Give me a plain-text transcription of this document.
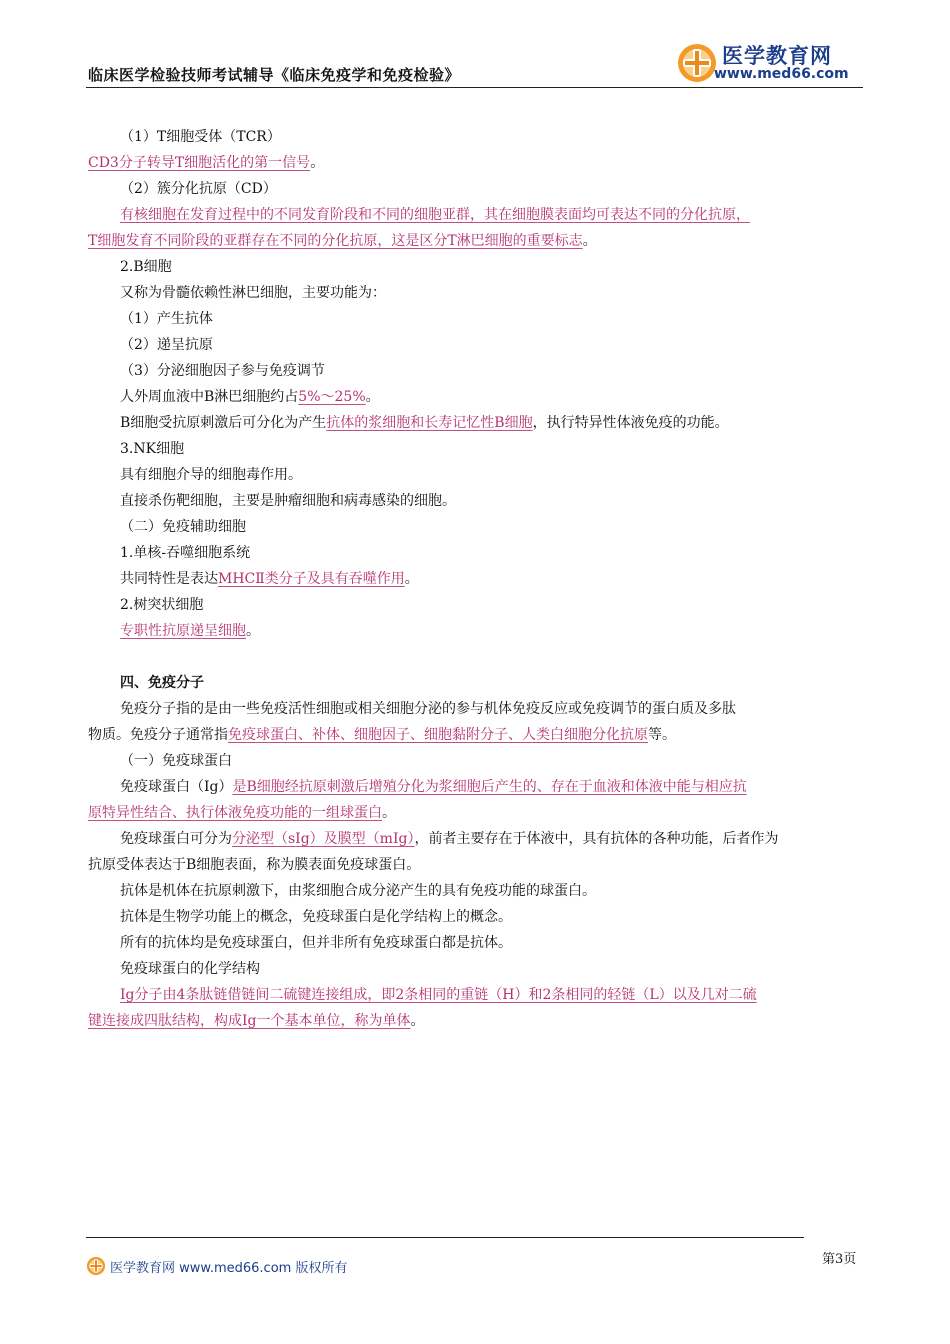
临床医学检验技师考试辅导《临床免疫学和免疫检验》
医学教育网
www.med66.com
（1）T细胞受体（TCR）
CD3分子转导T细胞活化的第一信号。
（2）簇分化抗原（CD）
有核细胞在发育过程中的不同发育阶段和不同的细胞亚群，其在细胞膜表面均可表达不同的分化抗原，
T细胞发育不同阶段的亚群存在不同的分化抗原，这是区分T淋巴细胞的重要标志。
2.B细胞
又称为骨髓依赖性淋巴细胞，主要功能为：
（1）产生抗体
（2）递呈抗原
（3）分泌细胞因子参与免疫调节
人外周血液中B淋巴细胞约占5%～25%。
B细胞受抗原刺激后可分化为产生抗体的浆细胞和长寿记忆性B细胞，执行特异性体液免疫的功能。
3.NK细胞
具有细胞介导的细胞毒作用。
直接杀伤靶细胞，主要是肿瘤细胞和病毒感染的细胞。
（二）免疫辅助细胞
1.单核-吞噬细胞系统
共同特性是表达MHCⅡ类分子及具有吞噬作用。
2.树突状细胞
专职性抗原递呈细胞。
四、免疫分子
免疫分子指的是由一些免疫活性细胞或相关细胞分泌的参与机体免疫反应或免疫调节的蛋白质及多肽
物质。免疫分子通常指免疫球蛋白、补体、细胞因子、细胞黏附分子、人类白细胞分化抗原等。
（一）免疫球蛋白
免疫球蛋白（Ig）是B细胞经抗原刺激后增殖分化为浆细胞后产生的、存在于血液和体液中能与相应抗
原特异性结合、执行体液免疫功能的一组球蛋白。
免疫球蛋白可分为分泌型（sIg）及膜型（mIg），前者主要存在于体液中，具有抗体的各种功能，后者作为
抗原受体表达于B细胞表面，称为膜表面免疫球蛋白。
抗体是机体在抗原刺激下，由浆细胞合成分泌产生的具有免疫功能的球蛋白。
抗体是生物学功能上的概念，免疫球蛋白是化学结构上的概念。
所有的抗体均是免疫球蛋白，但并非所有免疫球蛋白都是抗体。
免疫球蛋白的化学结构
Ig分子由4条肽链借链间二硫键连接组成，即2条相同的重链（H）和2条相同的轻链（L）以及几对二硫
键连接成四肽结构，构成Ig一个基本单位，称为单体。
医学教育网 www.med66.com 版权所有
第3页
